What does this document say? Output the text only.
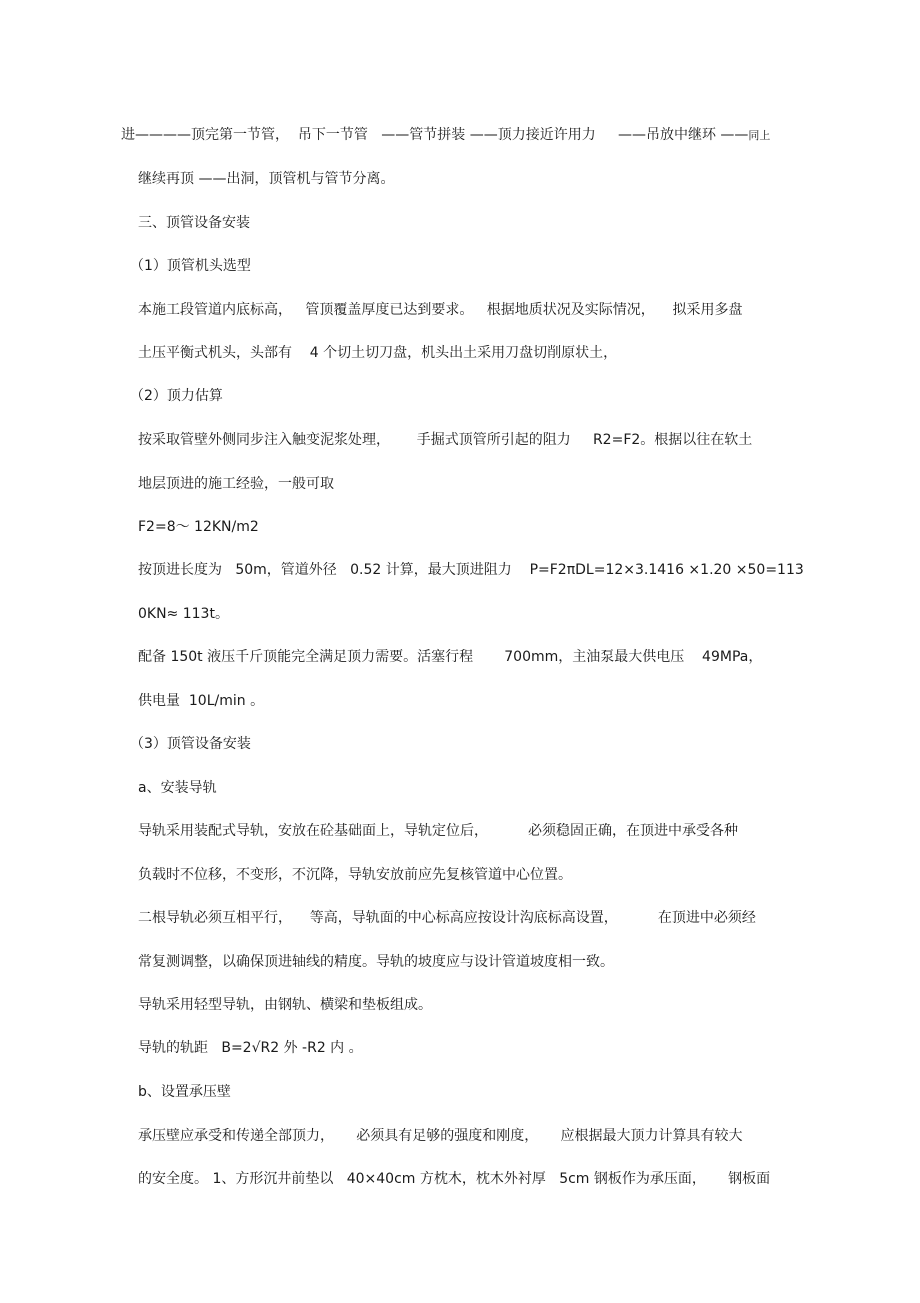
进————顶完第一节管，  吊下一节管   ——管节拼装 ——顶力接近许用力     ——吊放中继环 ——同上
继续再顶 ——出洞，顶管机与管节分离。
三、顶管设备安装
（1）顶管机头选型
本施工段管道内底标高，   管顶覆盖厚度已达到要求。   根据地质状况及实际情况，    拟采用多盘
土压平衡式机头，头部有    4 个切土切刀盘，机头出土采用刀盘切削原状土，
（2）顶力估算
按采取管壁外侧同步注入触变泥浆处理，      手掘式顶管所引起的阻力     R2=F2。根据以往在软土
地层顶进的施工经验，一般可取
F2=8～ 12KN/m2
按顶进长度为   50m，管道外径   0.52 计算，最大顶进阻力    P=F2πDL=12×3.1416 ×1.20 ×50=113
0KN≈ 113t。
配备 150t 液压千斤顶能完全满足顶力需要。活塞行程       700mm，主油泵最大供电压    49MPa，
供电量  10L/min 。
（3）顶管设备安装
a、安装导轨
导轨采用装配式导轨，安放在砼基础面上，导轨定位后，         必须稳固正确，在顶进中承受各种
负载时不位移，不变形，不沉降，导轨安放前应先复核管道中心位置。
二根导轨必须互相平行，    等高，导轨面的中心标高应按设计沟底标高设置，         在顶进中必须经
常复测调整，以确保顶进轴线的精度。导轨的坡度应与设计管道坡度相一致。
导轨采用轻型导轨，由钢轨、横梁和垫板组成。
导轨的轨距   B=2√R2 外 -R2 内 。
b、设置承压壁
承压壁应承受和传递全部顶力，     必须具有足够的强度和刚度，     应根据最大顶力计算具有较大
的安全度。 1、方形沉井前垫以   40×40cm 方枕木，枕木外衬厚   5cm 钢板作为承压面，     钢板面
